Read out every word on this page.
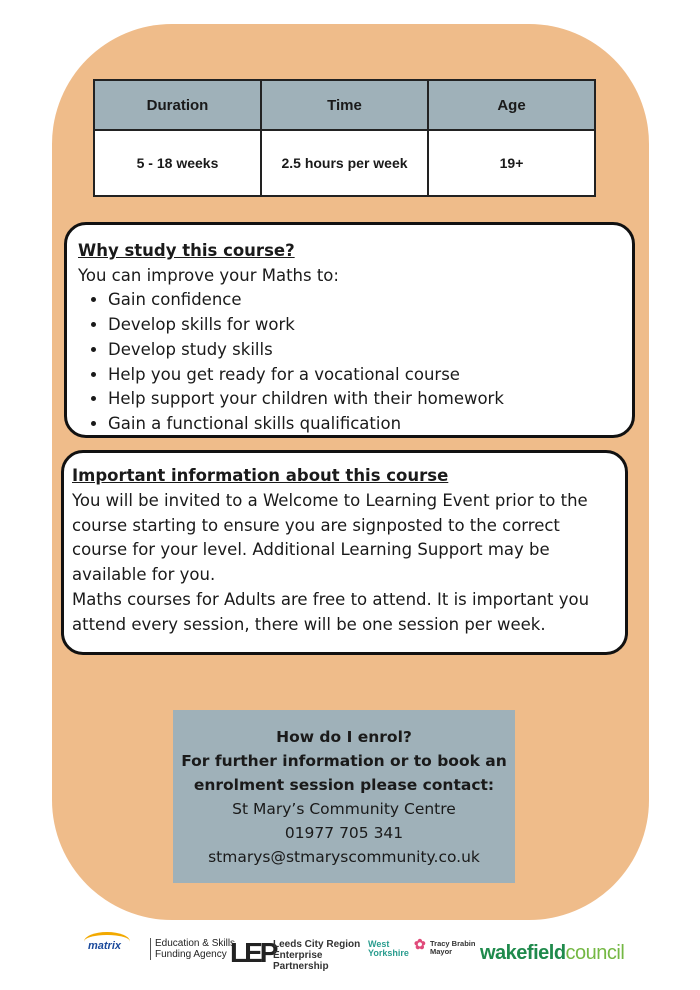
Duration	Time	Age
5 - 18 weeks	2.5 hours per week	19+
Why study this course?

You can improve your Maths to:

• Gain confidence
• Develop skills for work
• Develop study skills
• Help you get ready for a vocational course
• Help support your children with their homework
• Gain a functional skills qualification
Important information about this course

You will be invited to a Welcome to Learning Event prior to the

course starting to ensure you are signposted to the correct

course for your level. Additional Learning Support may be

available for you.

Maths courses for Adults are free to attend. It is important you

attend every session, there will be one session per week.

How do I enrol?
For further information or to book an
enrolment session please contact:
St Mary’s Community Centre
01977 705 341
stmarys@stmaryscommunity.co.uk
matrix	Education & Skills
Funding Agency LEP
Leeds City Region
Enterprise
Partnership
West
Yorkshire
✿ Tracy Brabin
Mayor	wakefieldcouncil
